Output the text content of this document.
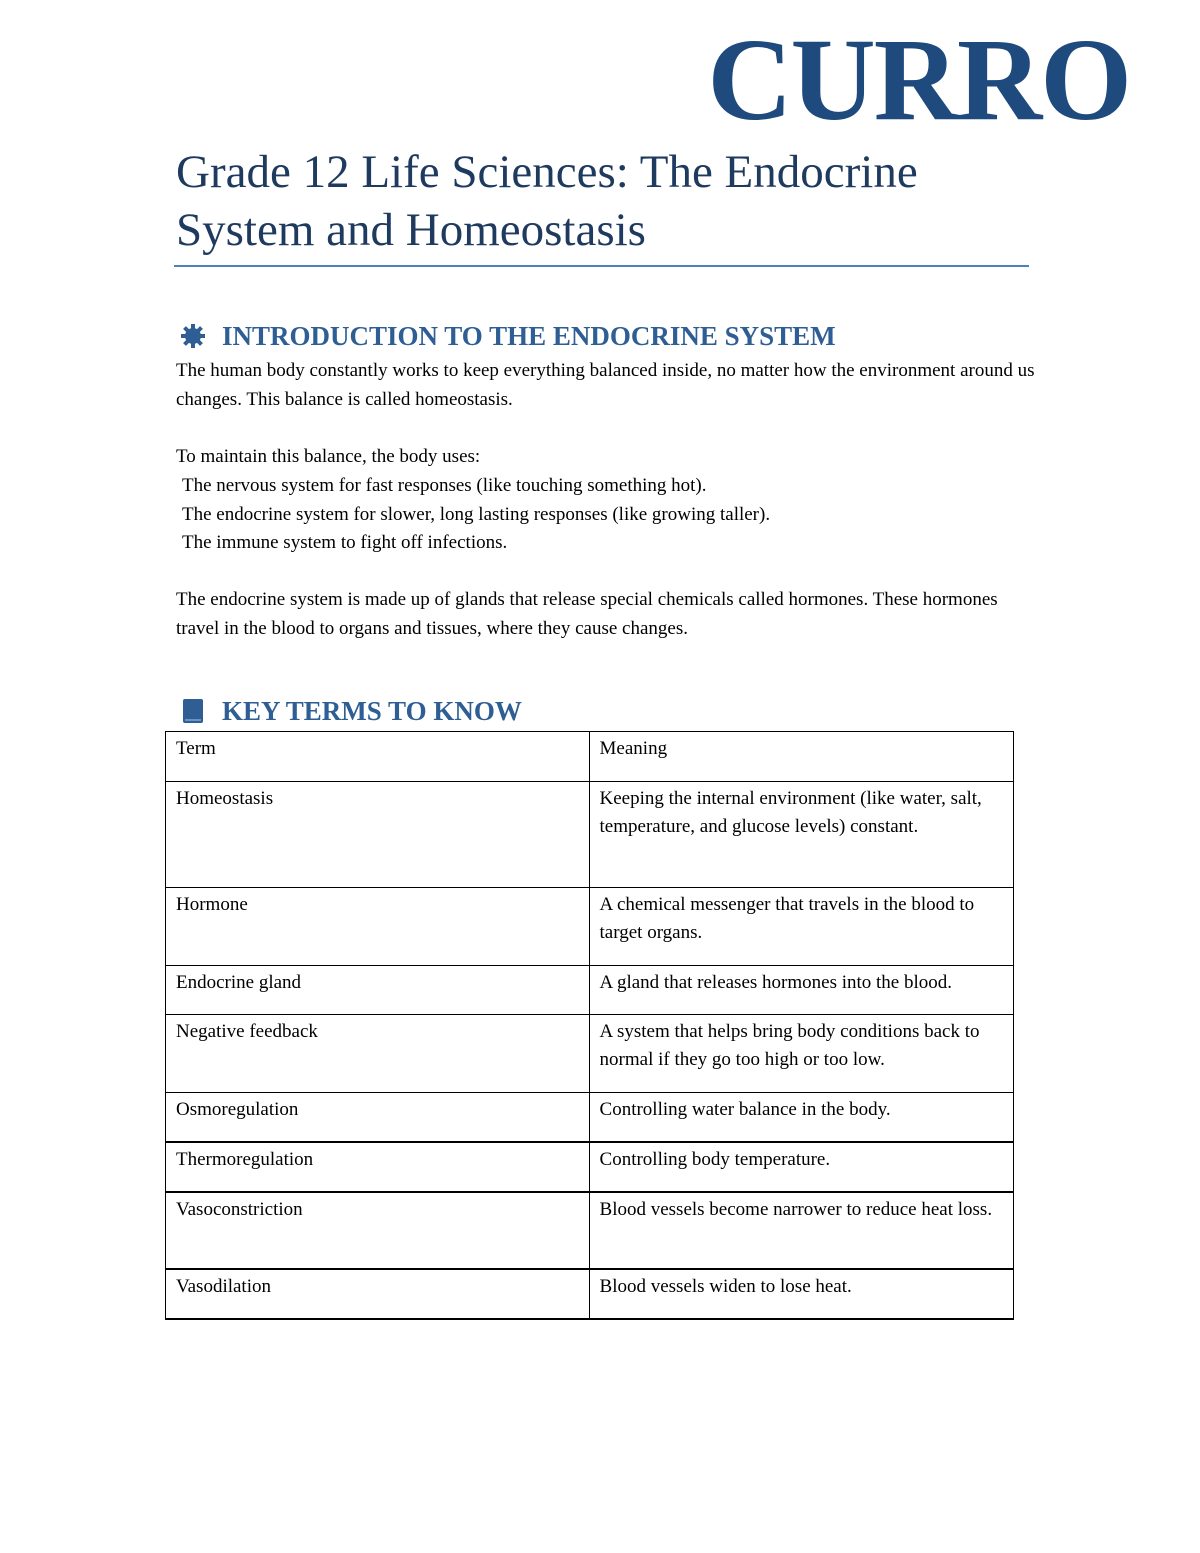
CURRO
Grade 12 Life Sciences: The Endocrine System and Homeostasis
INTRODUCTION TO THE ENDOCRINE SYSTEM

The human body constantly works to keep everything balanced inside, no matter how the environment around us changes. This balance is called homeostasis.

To maintain this balance, the body uses:

The nervous system for fast responses (like touching something hot).
The endocrine system for slower, long lasting responses (like growing taller).
The immune system to fight off infections.

The endocrine system is made up of glands that release special chemicals called hormones. These hormones travel in the blood to organs and tissues, where they cause changes.

KEY TERMS TO KNOW
Term	Meaning
Homeostasis	Keeping the internal environment (like water, salt, temperature, and glucose levels) constant.
Hormone	A chemical messenger that travels in the blood to target organs.
Endocrine gland	A gland that releases hormones into the blood.
Negative feedback	A system that helps bring body conditions back to normal if they go too high or too low.
Osmoregulation	Controlling water balance in the body.
Thermoregulation	Controlling body temperature.
Vasoconstriction	Blood vessels become narrower to reduce heat loss.
Vasodilation	Blood vessels widen to lose heat.
